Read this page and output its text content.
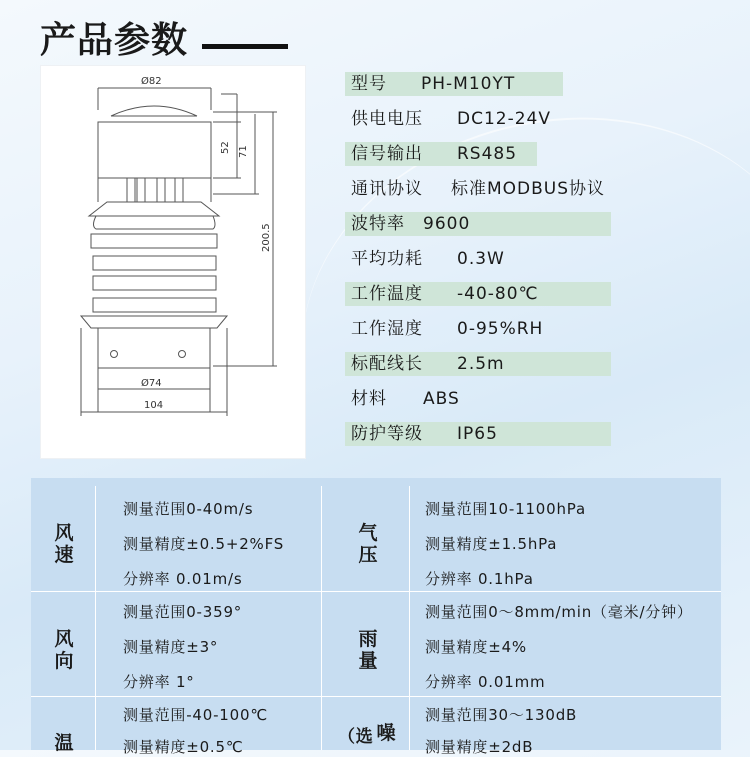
产品参数
Ø82
52 71
200.5
Ø74
104
型号 PH-M10YT
供电电压 DC12-24V
信号输出 RS485
通讯协议 标准MODBUS协议
波特率 9600
平均功耗 0.3W
工作温度 -40-80℃
工作湿度 0-95%RH
标配线长 2.5m
材料 ABS
防护等级 IP65
风速
测量范围0-40m/s
测量精度±0.5+2%FS
分辨率 0.01m/s
气压
测量范围10-1100hPa
测量精度±1.5hPa
分辨率 0.1hPa
风向
测量范围0-359°
测量精度±3°
分辨率 1°
雨量
测量范围0～8mm/min（毫米/分钟）
测量精度±4%
分辨率 0.01mm
温
测量范围-40-100℃
测量精度±0.5℃	（选 噪
测量范围30～130dB
测量精度±2dB
